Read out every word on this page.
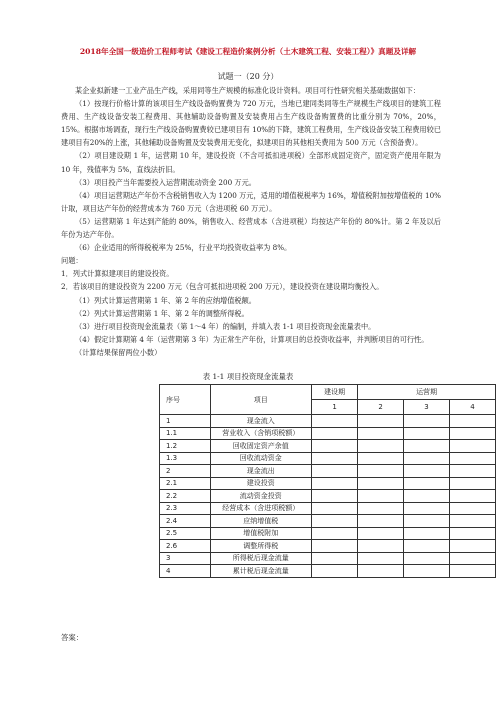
2018年全国一级造价工程师考试《建设工程造价案例分析（土木建筑工程、安装工程）》真题及详解
试题一（20 分）

某企业拟新建一工业产品生产线，采用同等生产规模的标准化设计资料。项目可行性研究相关基础数据如下：

（1）按现行价格计算的该项目生产线设备购置费为 720 万元，当地已建同类同等生产规模生产线项目的建筑工程费用、生产线设备安装工程费用、其他辅助设备购置及安装费用占生产线设备购置费的比重分别为 70%，20%，15%。根据市场调查，现行生产线设备购置费较已建项目有 10%的下降，建筑工程费用，生产线设备安装工程费用较已建项目有20%的上涨，其他辅助设备购置及安装费用无变化，拟建项目的其他相关费用为 500 万元（含预备费）。

（2）项目建设期 1 年，运营期 10 年，建设投资（不含可抵扣进项税）全部形成固定资产，固定资产使用年限为 10 年，残值率为 5%，直线法折旧。

（3）项目投产当年需要投入运营期流动资金 200 万元。

（4）项目运营期达产年份不含税销售收入为 1200 万元，适用的增值税税率为 16%，增值税附加按增值税的 10%计取，项目达产年份的经营成本为 760 万元（含进项税 60 万元）。

（5）运营期第 1 年达到产能的 80%，销售收入、经营成本（含进项税）均按达产年份的 80%计。第 2 年及以后年份为达产年份。

（6）企业适用的所得税税率为 25%，行业平均投资收益率为 8%。

问题：

1．列式计算拟建项目的建设投资。

2．若该项目的建设投资为 2200 万元（包含可抵扣进项税 200 万元），建设投资在建设期均衡投入。

（1）列式计算运营期第 1 年、第 2 年的应纳增值税额。

（2）列式计算运营期第 1 年、第 2 年的调整所得税。

（3）进行项目投资现金流量表（第 1～4 年）的编制，并填入表 1-1 项目投资现金流量表中。

（4）假定计算期第 4 年（运营期第 3 年）为正常生产年份，计算项目的总投资收益率，并判断项目的可行性。

（计算结果保留两位小数）

表 1-1 项目投资现金流量表
序号	项目	建设期	运营期		
		1	2	3	4
1	现金流入				
1.1	营业收入（含销项税额）				
1.2	回收固定资产余值				
1.3	回收流动资金				
2	现金流出				
2.1	建设投资				
2.2	流动资金投资				
2.3	经营成本（含进项税额）				
2.4	应纳增值税				
2.5	增值税附加				
2.6	调整所得税				
3	所得税后现金流量				
4	累计税后现金流量				
答案：
